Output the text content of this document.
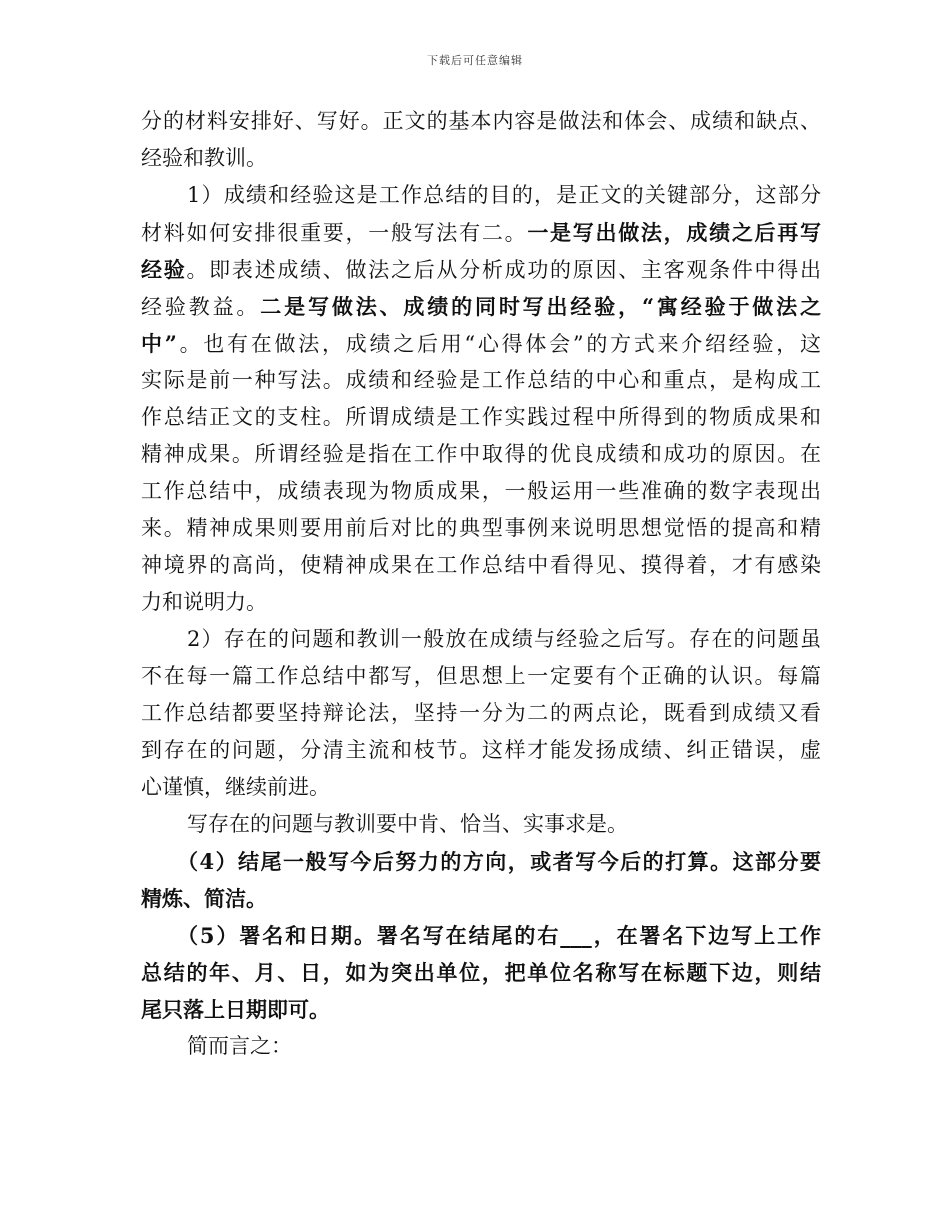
下载后可任意编辑
分的材料安排好、写好。正文的基本内容是做法和体会、成绩和缺点、
经验和教训。
1）成绩和经验这是工作总结的目的，是正文的关键部分，这部分
材料如何安排很重要，一般写法有二。一是写出做法，成绩之后再写
经验。即表述成绩、做法之后从分析成功的原因、主客观条件中得出
经验教益。二是写做法、成绩的同时写出经验，“寓经验于做法之
中”。也有在做法，成绩之后用“心得体会”的方式来介绍经验，这
实际是前一种写法。成绩和经验是工作总结的中心和重点，是构成工
作总结正文的支柱。所谓成绩是工作实践过程中所得到的物质成果和
精神成果。所谓经验是指在工作中取得的优良成绩和成功的原因。在
工作总结中，成绩表现为物质成果，一般运用一些准确的数字表现出
来。精神成果则要用前后对比的典型事例来说明思想觉悟的提高和精
神境界的高尚，使精神成果在工作总结中看得见、摸得着，才有感染
力和说明力。
2）存在的问题和教训一般放在成绩与经验之后写。存在的问题虽
不在每一篇工作总结中都写，但思想上一定要有个正确的认识。每篇
工作总结都要坚持辩论法，坚持一分为二的两点论，既看到成绩又看
到存在的问题，分清主流和枝节。这样才能发扬成绩、纠正错误，虚
心谨慎，继续前进。
写存在的问题与教训要中肯、恰当、实事求是。
（4）结尾一般写今后努力的方向，或者写今后的打算。这部分要
精炼、简洁。
（5）署名和日期。署名写在结尾的右___，在署名下边写上工作
总结的年、月、日，如为突出单位，把单位名称写在标题下边，则结
尾只落上日期即可。
简而言之：
